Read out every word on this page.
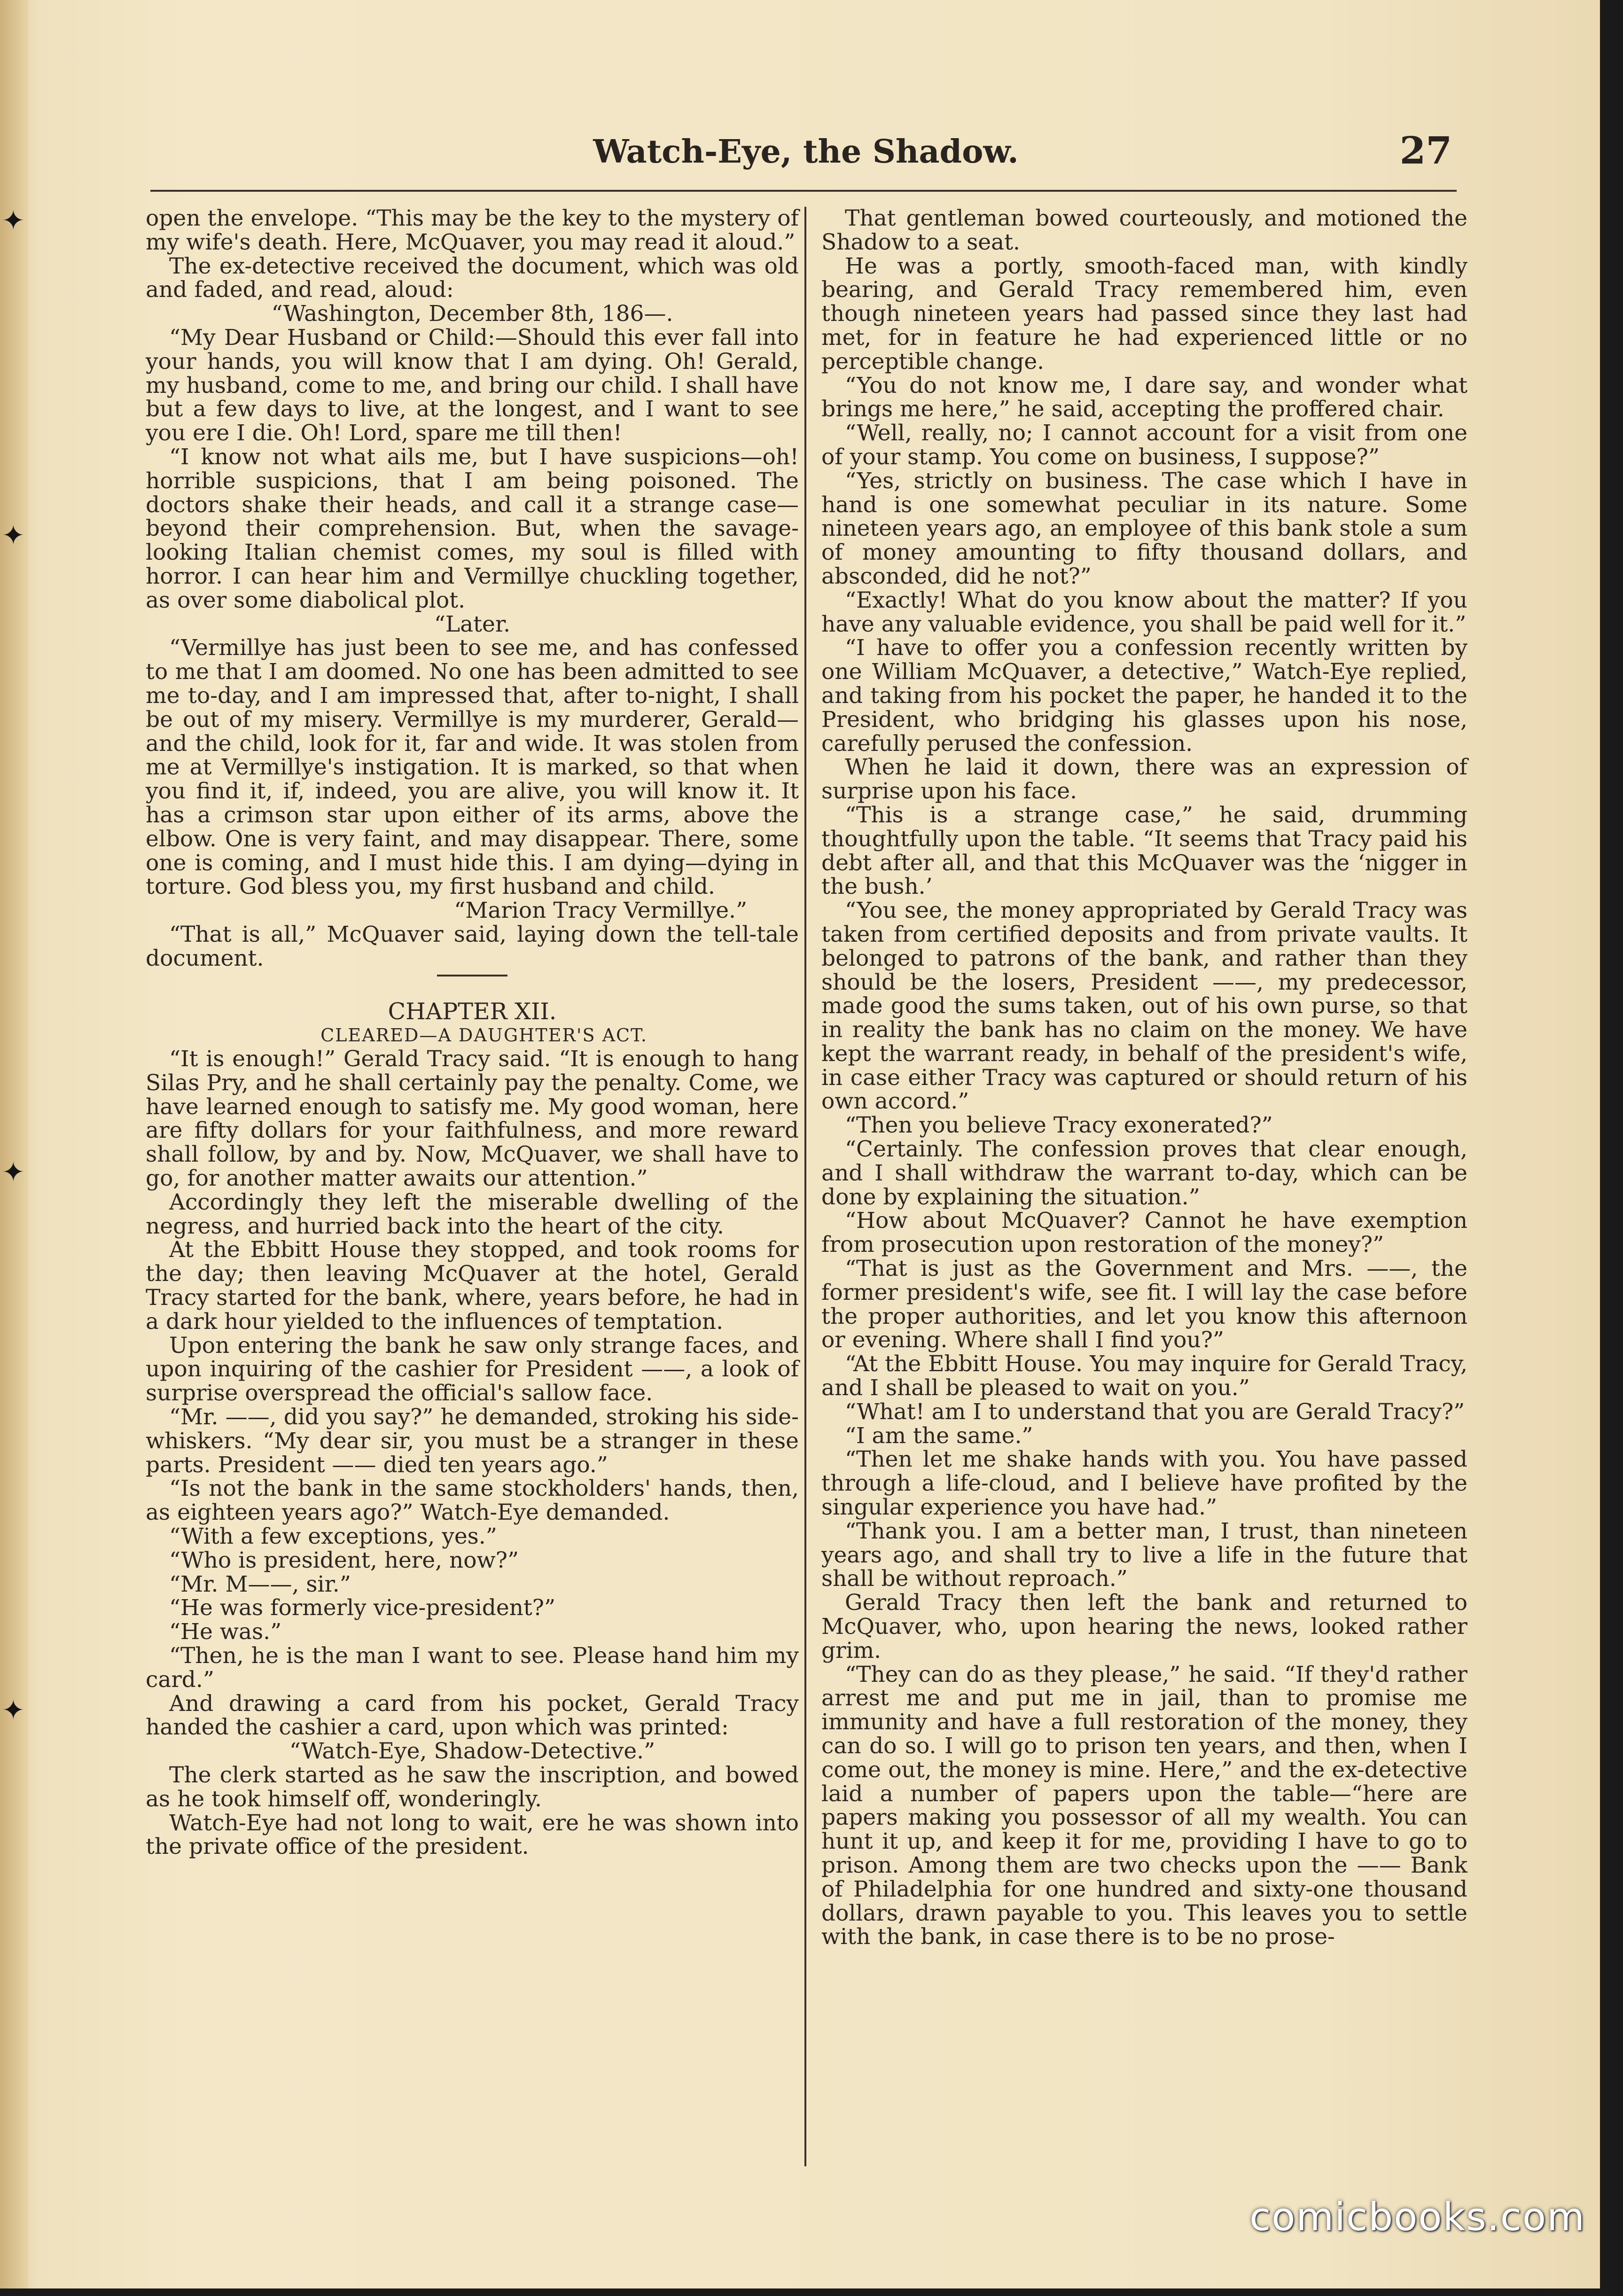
✦
✦
✦
✦
Watch-Eye, the Shadow.	27

open the envelope. “This may be the key to the mystery of my wife's death. Here, McQuaver, you may read it aloud.”

The ex-detective received the document, which was old and faded, and read, aloud:

“Washington, December 8th, 186—.

“My Dear Husband or Child:—Should this ever fall into your hands, you will know that I am dying. Oh! Gerald, my husband, come to me, and bring our child. I shall have but a few days to live, at the longest, and I want to see you ere I die. Oh! Lord, spare me till then!

“I know not what ails me, but I have suspicions—oh! horrible suspicions, that I am being poisoned. The doctors shake their heads, and call it a strange case—beyond their comprehension. But, when the savage-looking Italian chemist comes, my soul is filled with horror. I can hear him and Vermillye chuckling together, as over some diabolical plot.

“Later.

“Vermillye has just been to see me, and has confessed to me that I am doomed. No one has been admitted to see me to-day, and I am impressed that, after to-night, I shall be out of my misery. Vermillye is my murderer, Gerald—and the child, look for it, far and wide. It was stolen from me at Vermillye's instigation. It is marked, so that when you find it, if, indeed, you are alive, you will know it. It has a crimson star upon either of its arms, above the elbow. One is very faint, and may disappear. There, some one is coming, and I must hide this. I am dying—dying in torture. God bless you, my first husband and child.

“Marion Tracy Vermillye.”

“That is all,” McQuaver said, laying down the tell-tale document.

CHAPTER XII.

CLEARED—A DAUGHTER'S ACT.

“It is enough!” Gerald Tracy said. “It is enough to hang Silas Pry, and he shall certainly pay the penalty. Come, we have learned enough to satisfy me. My good woman, here are fifty dollars for your faithfulness, and more reward shall follow, by and by. Now, McQuaver, we shall have to go, for another matter awaits our attention.”

Accordingly they left the miserable dwelling of the negress, and hurried back into the heart of the city.

At the Ebbitt House they stopped, and took rooms for the day; then leaving McQuaver at the hotel, Gerald Tracy started for the bank, where, years before, he had in a dark hour yielded to the influences of temptation.

Upon entering the bank he saw only strange faces, and upon inquiring of the cashier for President ——, a look of surprise overspread the official's sallow face.

“Mr. ——, did you say?” he demanded, stroking his side-whiskers. “My dear sir, you must be a stranger in these parts. President —— died ten years ago.”

“Is not the bank in the same stockholders' hands, then, as eighteen years ago?” Watch-Eye demanded.

“With a few exceptions, yes.”

“Who is president, here, now?”

“Mr. M——, sir.”

“He was formerly vice-president?”

“He was.”

“Then, he is the man I want to see. Please hand him my card.”

And drawing a card from his pocket, Gerald Tracy handed the cashier a card, upon which was printed:

“Watch-Eye, Shadow-Detective.”

The clerk started as he saw the inscription, and bowed as he took himself off, wonderingly.

Watch-Eye had not long to wait, ere he was shown into the private office of the president.

That gentleman bowed courteously, and motioned the Shadow to a seat.

He was a portly, smooth-faced man, with kindly bearing, and Gerald Tracy remembered him, even though nineteen years had passed since they last had met, for in feature he had experienced little or no perceptible change.

“You do not know me, I dare say, and wonder what brings me here,” he said, accepting the proffered chair.

“Well, really, no; I cannot account for a visit from one of your stamp. You come on business, I suppose?”

“Yes, strictly on business. The case which I have in hand is one somewhat peculiar in its nature. Some nineteen years ago, an employee of this bank stole a sum of money amounting to fifty thousand dollars, and absconded, did he not?”

“Exactly! What do you know about the matter? If you have any valuable evidence, you shall be paid well for it.”

“I have to offer you a confession recently written by one William McQuaver, a detective,” Watch-Eye replied, and taking from his pocket the paper, he handed it to the President, who bridging his glasses upon his nose, carefully perused the confession.

When he laid it down, there was an expression of surprise upon his face.

“This is a strange case,” he said, drumming thoughtfully upon the table. “It seems that Tracy paid his debt after all, and that this McQuaver was the ‘nigger in the bush.’

“You see, the money appropriated by Gerald Tracy was taken from certified deposits and from private vaults. It belonged to patrons of the bank, and rather than they should be the losers, President ——, my predecessor, made good the sums taken, out of his own purse, so that in reality the bank has no claim on the money. We have kept the warrant ready, in behalf of the president's wife, in case either Tracy was captured or should return of his own accord.”

“Then you believe Tracy exonerated?”

“Certainly. The confession proves that clear enough, and I shall withdraw the warrant to-day, which can be done by explaining the situation.”

“How about McQuaver? Cannot he have exemption from prosecution upon restoration of the money?”

“That is just as the Government and Mrs. ——, the former president's wife, see fit. I will lay the case before the proper authorities, and let you know this afternoon or evening. Where shall I find you?”

“At the Ebbitt House. You may inquire for Gerald Tracy, and I shall be pleased to wait on you.”

“What! am I to understand that you are Gerald Tracy?”

“I am the same.”

“Then let me shake hands with you. You have passed through a life-cloud, and I believe have profited by the singular experience you have had.”

“Thank you. I am a better man, I trust, than nineteen years ago, and shall try to live a life in the future that shall be without reproach.”

Gerald Tracy then left the bank and returned to McQuaver, who, upon hearing the news, looked rather grim.

“They can do as they please,” he said. “If they'd rather arrest me and put me in jail, than to promise me immunity and have a full restoration of the money, they can do so. I will go to prison ten years, and then, when I come out, the money is mine. Here,” and the ex-detective laid a number of papers upon the table—“here are papers making you possessor of all my wealth. You can hunt it up, and keep it for me, providing I have to go to prison. Among them are two checks upon the —— Bank of Philadelphia for one hundred and sixty-one thousand dollars, drawn payable to you. This leaves you to settle with the bank, in case there is to be no prose-

comicbooks.com
